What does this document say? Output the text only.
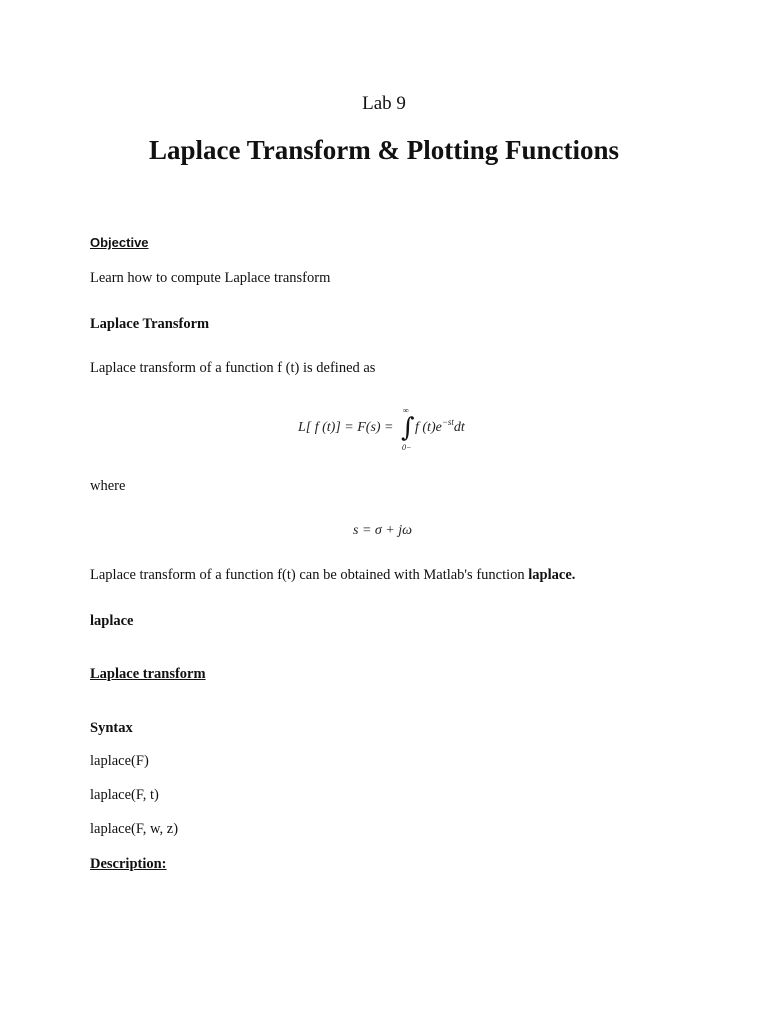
Lab 9
Laplace Transform & Plotting Functions
Objective
Learn how to compute Laplace transform
Laplace Transform
Laplace transform of a function f (t) is defined as
L[ f (t)] = F(s) =
∞
∫
0−
f $(t)e^{-st}dt$
where
s = σ + jω
Laplace transform of a function f(t) can be obtained with Matlab's function laplace.
laplace
Laplace transform
Syntax
laplace(F)
laplace(F, t)
laplace(F, w, z)
Description:
